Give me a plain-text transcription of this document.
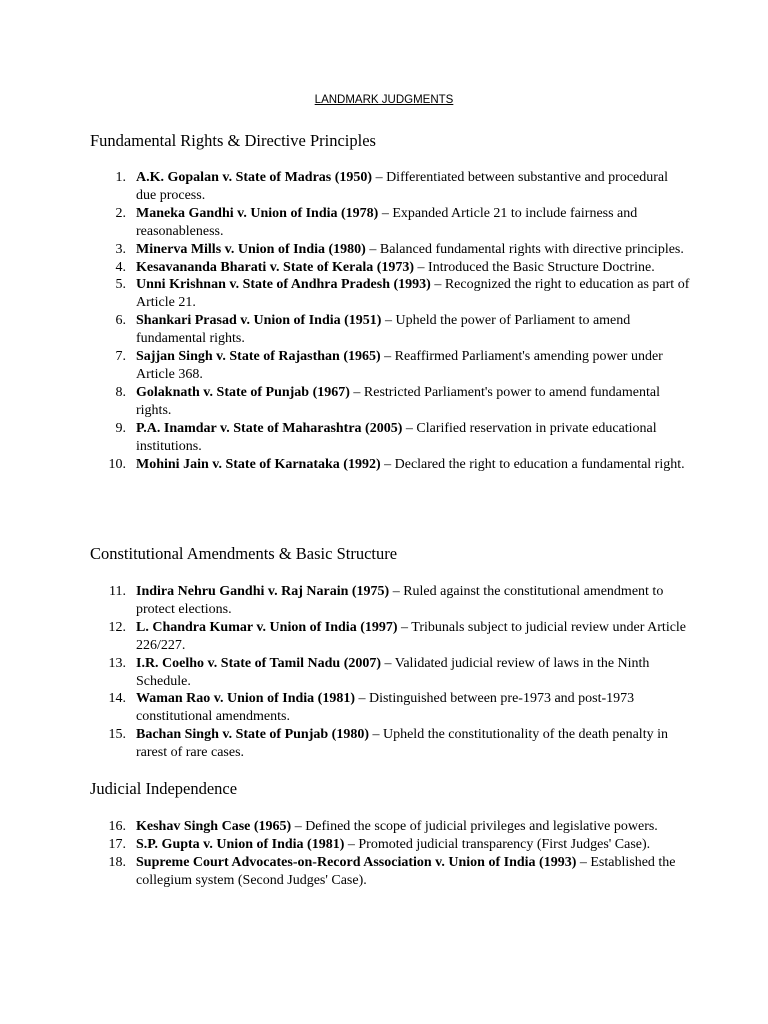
LANDMARK JUDGMENTS
Fundamental Rights & Directive Principles
1. A.K. Gopalan v. State of Madras (1950) – Differentiated between substantive and procedural due process.
2. Maneka Gandhi v. Union of India (1978) – Expanded Article 21 to include fairness and reasonableness.
3. Minerva Mills v. Union of India (1980) – Balanced fundamental rights with directive principles.
4. Kesavananda Bharati v. State of Kerala (1973) – Introduced the Basic Structure Doctrine.
5. Unni Krishnan v. State of Andhra Pradesh (1993) – Recognized the right to education as part of Article 21.
6. Shankari Prasad v. Union of India (1951) – Upheld the power of Parliament to amend fundamental rights.
7. Sajjan Singh v. State of Rajasthan (1965) – Reaffirmed Parliament's amending power under Article 368.
8. Golaknath v. State of Punjab (1967) – Restricted Parliament's power to amend fundamental rights.
9. P.A. Inamdar v. State of Maharashtra (2005) – Clarified reservation in private educational institutions.
10. Mohini Jain v. State of Karnataka (1992) – Declared the right to education a fundamental right.
Constitutional Amendments & Basic Structure
11. Indira Nehru Gandhi v. Raj Narain (1975) – Ruled against the constitutional amendment to protect elections.
12. L. Chandra Kumar v. Union of India (1997) – Tribunals subject to judicial review under Article 226/227.
13. I.R. Coelho v. State of Tamil Nadu (2007) – Validated judicial review of laws in the Ninth Schedule.
14. Waman Rao v. Union of India (1981) – Distinguished between pre-1973 and post-1973 constitutional amendments.
15. Bachan Singh v. State of Punjab (1980) – Upheld the constitutionality of the death penalty in rarest of rare cases.
Judicial Independence
16. Keshav Singh Case (1965) – Defined the scope of judicial privileges and legislative powers.
17. S.P. Gupta v. Union of India (1981) – Promoted judicial transparency (First Judges' Case).
18. Supreme Court Advocates-on-Record Association v. Union of India (1993) – Established the collegium system (Second Judges' Case).
